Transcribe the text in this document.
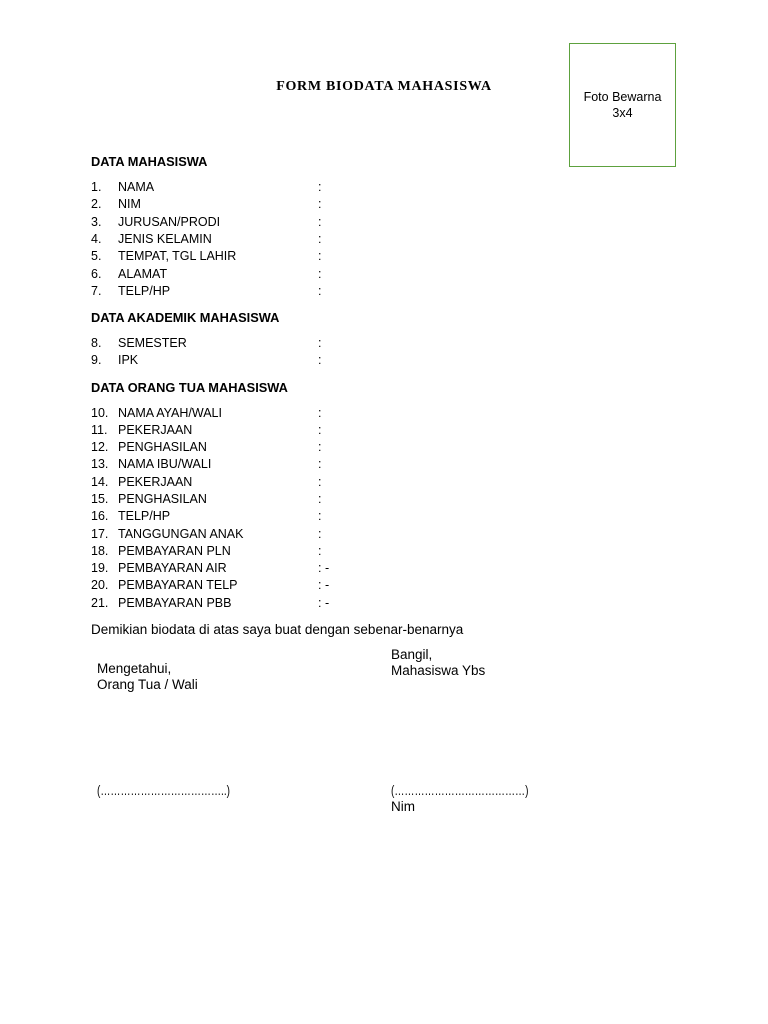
FORM BIODATA MAHASISWA
Foto Bewarna
3x4
DATA MAHASISWA
1.	NAMA	:
2.	NIM	:
3.	JURUSAN/PRODI	:
4.	JENIS KELAMIN	:
5.	TEMPAT, TGL LAHIR	:
6.	ALAMAT	:
7.	TELP/HP	:
DATA AKADEMIK MAHASISWA
8.	SEMESTER	:
9.	IPK	:
DATA ORANG TUA MAHASISWA
10. NAMA AYAH/WALI	:
11. PEKERJAAN	:
12. PENGHASILAN	:
13. NAMA IBU/WALI	:
14. PEKERJAAN	:
15. PENGHASILAN	:
16. TELP/HP	:
17. TANGGUNGAN ANAK	:
18. PEMBAYARAN PLN	:
19. PEMBAYARAN AIR	: -
20. PEMBAYARAN TELP	: -
21. PEMBAYARAN PBB	: -
Demikian biodata di atas saya buat dengan sebenar-benarnya
Mengetahui,
Orang Tua / Wali
Bangil,
Mahasiswa Ybs
(………………………………..)	(…………………………………)
Nim
